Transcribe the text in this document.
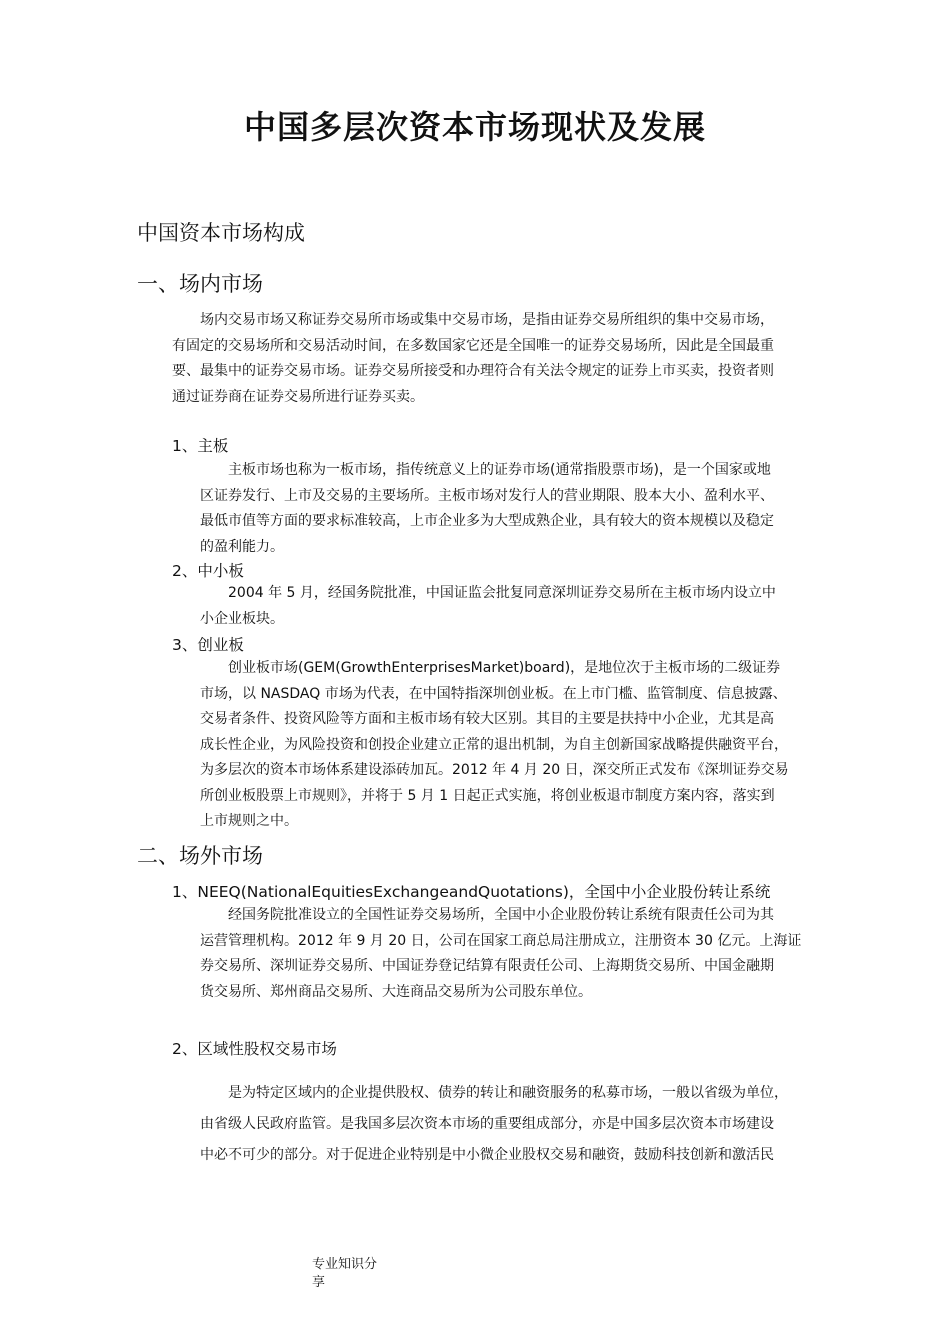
中国多层次资本市场现状及发展
中国资本市场构成
一、场内市场
场内交易市场又称证券交易所市场或集中交易市场，是指由证券交易所组织的集中交易市场，
有固定的交易场所和交易活动时间，在多数国家它还是全国唯一的证券交易场所，因此是全国最重
要、最集中的证券交易市场。证券交易所接受和办理符合有关法令规定的证券上市买卖，投资者则
通过证券商在证券交易所进行证券买卖。
1、主板
主板市场也称为一板市场，指传统意义上的证券市场(通常指股票市场)，是一个国家或地
区证券发行、上市及交易的主要场所。主板市场对发行人的营业期限、股本大小、盈利水平、
最低市值等方面的要求标准较高，上市企业多为大型成熟企业，具有较大的资本规模以及稳定
的盈利能力。
2、中小板
2004 年 5 月，经国务院批准，中国证监会批复同意深圳证券交易所在主板市场内设立中
小企业板块。
3、创业板
创业板市场(GEM(GrowthEnterprisesMarket)board)，是地位次于主板市场的二级证券
市场，以 NASDAQ 市场为代表，在中国特指深圳创业板。在上市门槛、监管制度、信息披露、
交易者条件、投资风险等方面和主板市场有较大区别。其目的主要是扶持中小企业，尤其是高
成长性企业，为风险投资和创投企业建立正常的退出机制，为自主创新国家战略提供融资平台，
为多层次的资本市场体系建设添砖加瓦。2012 年 4 月 20 日，深交所正式发布《深圳证券交易
所创业板股票上市规则》，并将于 5 月 1 日起正式实施，将创业板退市制度方案内容，落实到
上市规则之中。
二、场外市场
1、NEEQ(NationalEquitiesExchangeandQuotations)，全国中小企业股份转让系统
经国务院批准设立的全国性证券交易场所，全国中小企业股份转让系统有限责任公司为其
运营管理机构。2012 年 9 月 20 日，公司在国家工商总局注册成立，注册资本 30 亿元。上海证
券交易所、深圳证券交易所、中国证券登记结算有限责任公司、上海期货交易所、中国金融期
货交易所、郑州商品交易所、大连商品交易所为公司股东单位。
2、区域性股权交易市场
是为特定区域内的企业提供股权、债券的转让和融资服务的私募市场，一般以省级为单位，
由省级人民政府监管。是我国多层次资本市场的重要组成部分，亦是中国多层次资本市场建设
中必不可少的部分。对于促进企业特别是中小微企业股权交易和融资，鼓励科技创新和激活民
专业知识分
享
